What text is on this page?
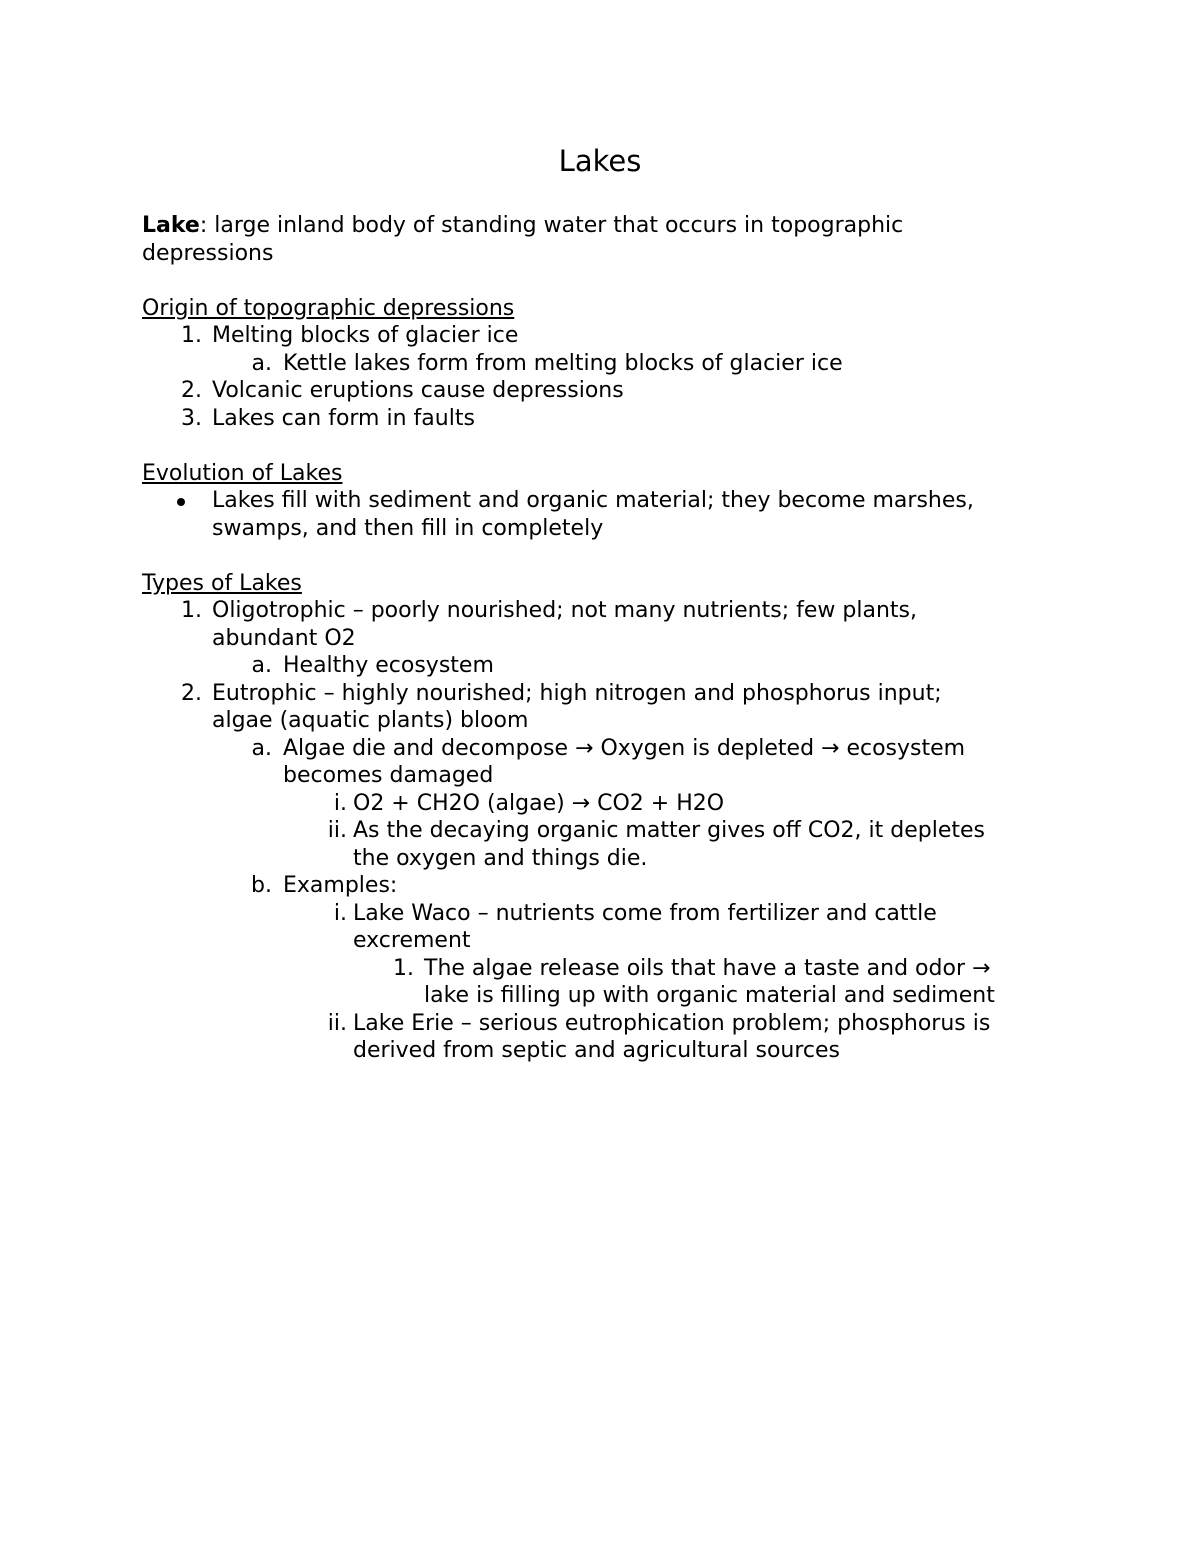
Lakes
Lake: large inland body of standing water that occurs in topographic
depressions
Origin of topographic depressions
1. Melting blocks of glacier ice
a. Kettle lakes form from melting blocks of glacier ice
2. Volcanic eruptions cause depressions
3. Lakes can form in faults
Evolution of Lakes
Lakes fill with sediment and organic material; they become marshes,
swamps, and then fill in completely
Types of Lakes
1. Oligotrophic – poorly nourished; not many nutrients; few plants,
abundant O2
a. Healthy ecosystem
2. Eutrophic – highly nourished; high nitrogen and phosphorus input;
algae (aquatic plants) bloom
a. Algae die and decompose → Oxygen is depleted → ecosystem
becomes damaged
i. O2 + CH2O (algae) → CO2 + H2O
ii. As the decaying organic matter gives off CO2, it depletes
the oxygen and things die.
b. Examples:
i. Lake Waco – nutrients come from fertilizer and cattle
excrement
1. The algae release oils that have a taste and odor →
lake is filling up with organic material and sediment
ii. Lake Erie – serious eutrophication problem; phosphorus is
derived from septic and agricultural sources
